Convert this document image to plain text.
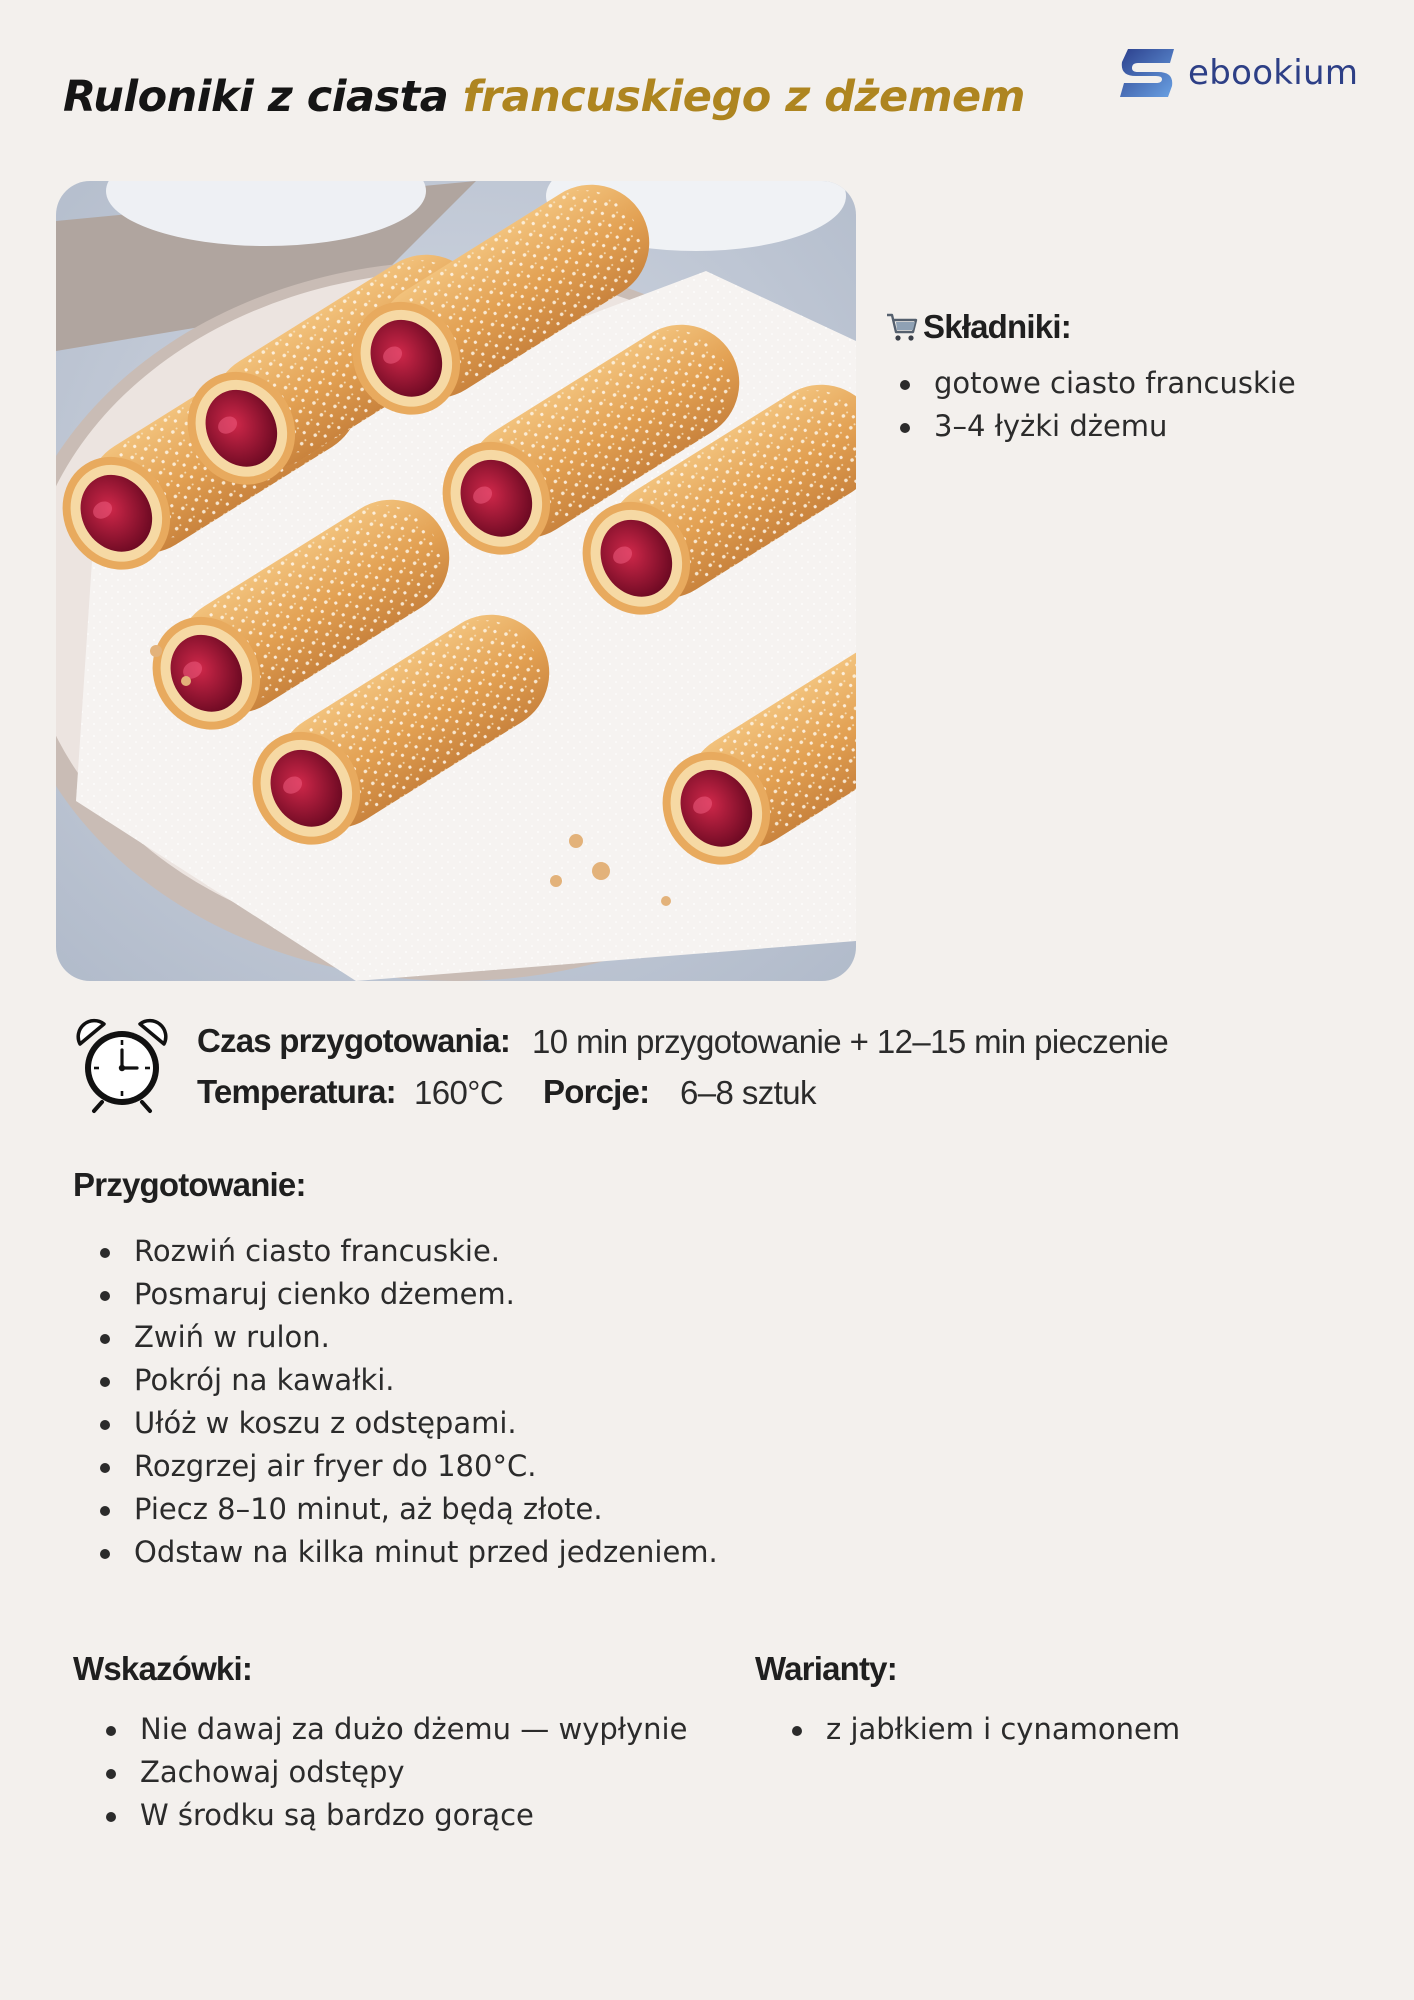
Ruloniki z ciasta francuskiego z dżemem	ebookium
Składniki:
gotowe ciasto francuskie
3–4 łyżki dżemu
Czas przygotowania: 10 min przygotowanie + 12–15 min pieczenie
Temperatura: 160°C Porcje: 6–8 sztuk
Przygotowanie:
Rozwiń ciasto francuskie.
Posmaruj cienko dżemem.
Zwiń w rulon.
Pokrój na kawałki.
Ułóż w koszu z odstępami.
Rozgrzej air fryer do 180°C.
Piecz 8–10 minut, aż będą złote.
Odstaw na kilka minut przed jedzeniem.
Wskazówki:
Nie dawaj za dużo dżemu — wypłynie
Zachowaj odstępy
W środku są bardzo gorące
Warianty:
z jabłkiem i cynamonem
